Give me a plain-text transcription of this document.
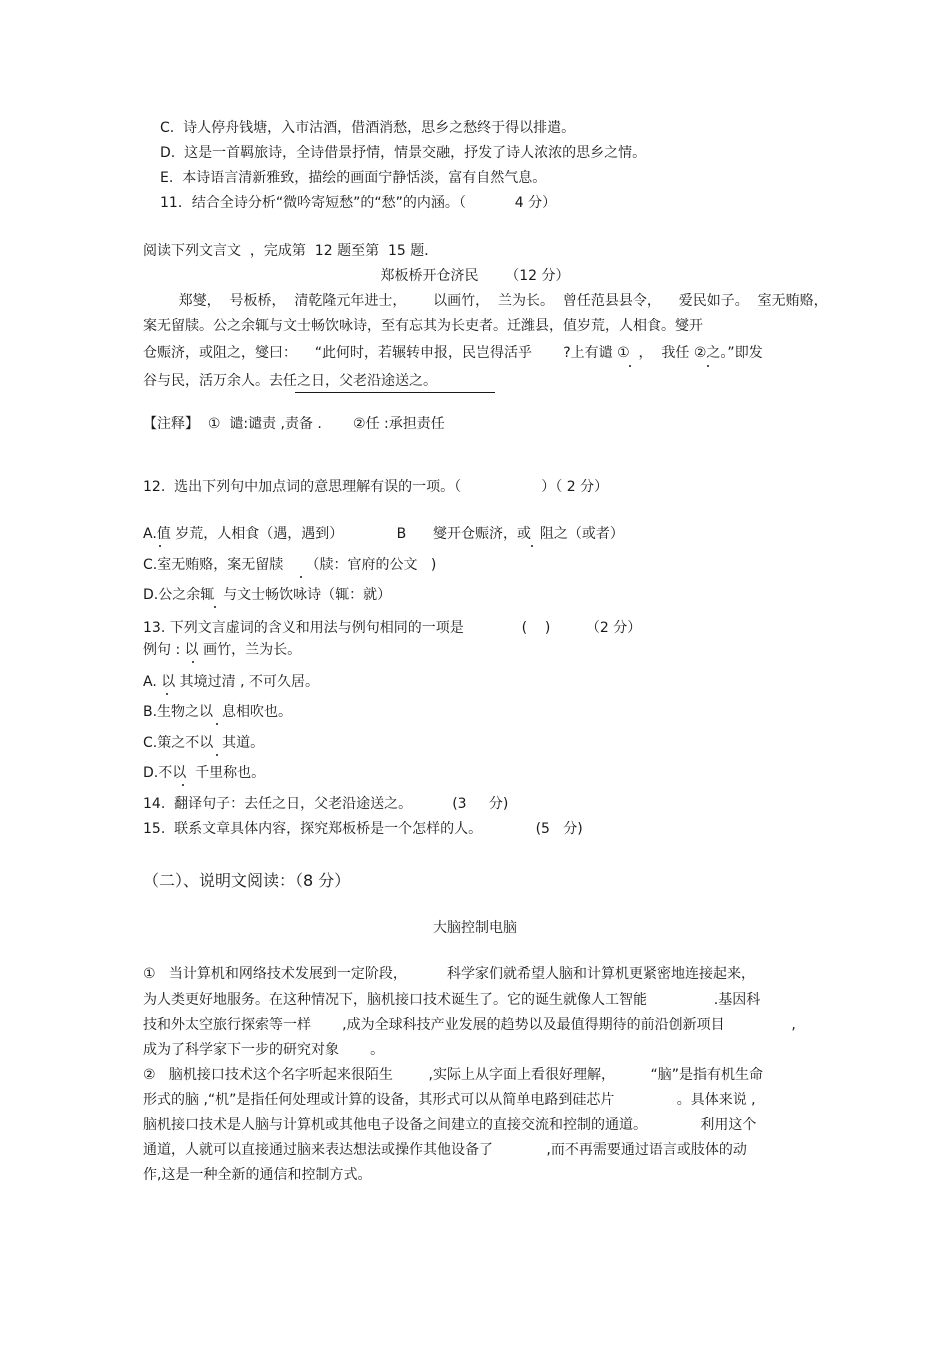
C.  诗人停舟钱塘，入市沽酒，借酒消愁，思乡之愁终于得以排遣。
D.  这是一首羁旅诗，全诗借景抒情，情景交融，抒发了诗人浓浓的思乡之情。
E.  本诗语言清新雅致，描绘的画面宁静恬淡，富有自然气息。
11．结合全诗分析“微吟寄短愁”的“愁”的内涵。（           4 分）
阅读下列文言文  ，完成第  12 题至第  15 题．
郑板桥开仓济民      （12 分）
郑燮，  号板桥，  清乾隆元年进士，      以画竹，  兰为长。  曾任范县县令，    爱民如子。  室无贿赂，
案无留牍。公之余辄与文士畅饮咏诗，至有忘其为长吏者。迁潍县，值岁荒，人相食。燮开
仓赈济，或阻之，燮曰：    “此何时，若辗转申报，民岂得活乎       ?上有谴 ①  ，  我任 ②之。”即发
谷与民，活万余人。去任之日，父老沿途送之。
【注释】  ①  谴:谴责 ,责备 .       ②任 :承担责任
12.  选出下列句中加点词的意思理解有误的一项。（                  ）（ 2 分）
A.值 岁荒，人相食（遇，遇到）            B      燮开仓赈济，或  阻之（或者）
C.室无贿赂，案无留牍     （牍：官府的公文   )
D.公之余辄  与文士畅饮咏诗（辄：就）
13. 下列文言虚词的含义和用法与例句相同的一项是             (    )        （2 分）
例句 : 以 画竹，兰为长。
A. 以 其境过清 , 不可久居。
B.生物之以  息相吹也。
C.策之不以  其道。
D.不以  千里称也。
14.  翻译句子：去任之日，父老沿途送之。         (3     分)
15.  联系文章具体内容，探究郑板桥是一个怎样的人。            (5   分)
（二）、说明文阅读：（8 分）
大脑控制电脑
①   当计算机和网络技术发展到一定阶段，         科学家们就希望人脑和计算机更紧密地连接起来，
为人类更好地服务。在这种情况下，脑机接口技术诞生了。它的诞生就像人工智能               .基因科
技和外太空旅行探索等一样       ,成为全球科技产业发展的趋势以及最值得期待的前沿创新项目               ,
成为了科学家下一步的研究对象       。
②   脑机接口技术这个名字听起来很陌生        ,实际上从字面上看很好理解，        “脑”是指有机生命
形式的脑 ,“机”是指任何处理或计算的设备，其形式可以从简单电路到硅芯片              。具体来说 ,
脑机接口技术是人脑与计算机或其他电子设备之间建立的直接交流和控制的通道。            利用这个
通道，人就可以直接通过脑来表达想法或操作其他设备了            ,而不再需要通过语言或肢体的动
作,这是一种全新的通信和控制方式。
